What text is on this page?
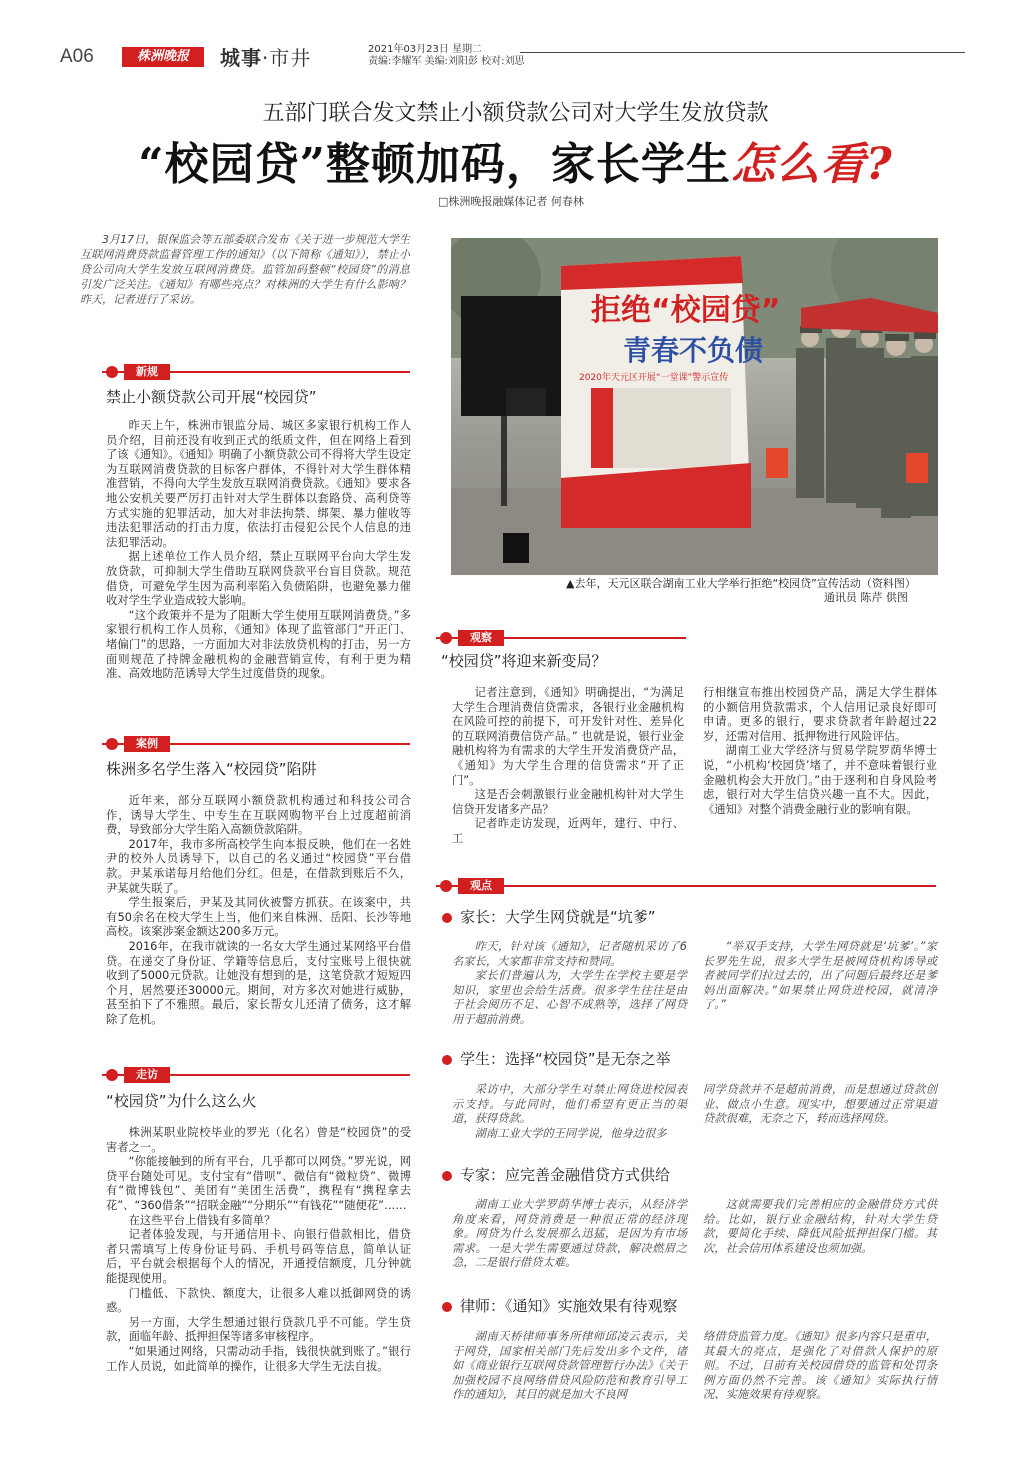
A06	株洲晚报	城事·市井	2021年03月23日 星期二
责编:李耀军 美编:刘阳彭 校对:刘思
五部门联合发文禁止小额贷款公司对大学生发放贷款
“校园贷”整顿加码，家长学生怎么看?
□株洲晚报融媒体记者 何春林

3月17日，银保监会等五部委联合发布《关于进一步规范大学生互联网消费贷款监督管理工作的通知》（以下简称《通知》），禁止小贷公司向大学生发放互联网消费贷。监管加码整顿“校园贷”的消息引发广泛关注。《通知》有哪些亮点？对株洲的大学生有什么影响？昨天，记者进行了采访。

新规
禁止小额贷款公司开展“校园贷”

昨天上午，株洲市银监分局、城区多家银行机构工作人员介绍，目前还没有收到正式的纸质文件，但在网络上看到了该《通知》。《通知》明确了小额贷款公司不得将大学生设定为互联网消费贷款的目标客户群体，不得针对大学生群体精准营销，不得向大学生发放互联网消费贷款。《通知》要求各地公安机关要严厉打击针对大学生群体以套路贷、高利贷等方式实施的犯罪活动，加大对非法拘禁、绑架、暴力催收等违法犯罪活动的打击力度，依法打击侵犯公民个人信息的违法犯罪活动。

据上述单位工作人员介绍，禁止互联网平台向大学生发放贷款，可抑制大学生借助互联网贷款平台盲目贷款。规范借贷，可避免学生因为高利率陷入负债陷阱，也避免暴力催收对学生学业造成较大影响。

“这个政策并不是为了阻断大学生使用互联网消费贷。”多家银行机构工作人员称，《通知》体现了监管部门“开正门、堵偏门”的思路，一方面加大对非法放贷机构的打击，另一方面则规范了持牌金融机构的金融营销宣传，有利于更为精准、高效地防范诱导大学生过度借贷的现象。

案例
株洲多名学生落入“校园贷”陷阱

近年来，部分互联网小额贷款机构通过和科技公司合作，诱导大学生、中专生在互联网购物平台上过度超前消费，导致部分大学生陷入高额贷款陷阱。

2017年，我市多所高校学生向本报反映，他们在一名姓尹的校外人员诱导下，以自己的名义通过“校园贷”平台借款。尹某承诺每月给他们分红。但是，在借款到账后不久，尹某就失联了。

学生报案后，尹某及其同伙被警方抓获。在该案中，共有50余名在校大学生上当，他们来自株洲、岳阳、长沙等地高校。该案涉案金额达200多万元。

2016年，在我市就读的一名女大学生通过某网络平台借贷。在递交了身份证、学籍等信息后，支付宝账号上很快就收到了5000元贷款。让她没有想到的是，这笔贷款才短短四个月，居然要还30000元。期间，对方多次对她进行威胁，甚至拍下了不雅照。最后，家长帮女儿还清了债务，这才解除了危机。

走访
“校园贷”为什么这么火

株洲某职业院校毕业的罗光（化名）曾是“校园贷”的受害者之一。

“你能接触到的所有平台，几乎都可以网贷。”罗光说，网贷平台随处可见。支付宝有“借呗”、微信有“微粒贷”、微博有“微博钱包”、美团有“美团生活费”，携程有“携程拿去花”、“360借条”“招联金融”“分期乐”“有钱花”“随便花”……

在这些平台上借钱有多简单？

记者体验发现，与开通信用卡、向银行借款相比，借贷者只需填写上传身份证号码、手机号码等信息，简单认证后，平台就会根据每个人的情况，开通授信额度，几分钟就能提现使用。

门槛低、下款快、额度大，让很多人难以抵御网贷的诱惑。

另一方面，大学生想通过银行贷款几乎不可能。学生贷款，面临年龄、抵押担保等诸多审核程序。

“如果通过网络，只需动动手指，钱很快就到账了。”银行工作人员说，如此简单的操作，让很多大学生无法自拔。

拒绝“校园贷”
青春不负债
2020年天元区开展“一堂课”警示宣传
▲去年，天元区联合湖南工业大学举行拒绝“校园贷”宣传活动（资料图）
通讯员 陈芹 供图
观察
“校园贷”将迎来新变局？

记者注意到，《通知》明确提出，“为满足大学生合理消费信贷需求，各银行业金融机构在风险可控的前提下，可开发针对性、差异化的互联网消费信贷产品。” 也就是说，银行业金融机构将为有需求的大学生开发消费贷产品，《通知》为大学生合理的信贷需求“开了正门”。

这是否会刺激银行业金融机构针对大学生信贷开发诸多产品？

记者昨走访发现，近两年，建行、中行、工

行相继宣布推出校园贷产品，满足大学生群体的小额信用贷款需求，个人信用记录良好即可申请。更多的银行，要求贷款者年龄超过22岁，还需对信用、抵押物进行风险评估。

湖南工业大学经济与贸易学院罗荫华博士说，“小机构‘校园贷’堵了，并不意味着银行业金融机构会大开放门。”由于逐利和自身风险考虑，银行对大学生信贷兴趣一直不大。因此，《通知》对整个消费金融行业的影响有限。

观点
家长：大学生网贷就是“坑爹”

昨天，针对该《通知》，记者随机采访了6名家长，大家都非常支持和赞同。

家长们普遍认为，大学生在学校主要是学知识，家里也会给生活费。很多学生往往是由于社会阅历不足、心智不成熟等，选择了网贷用于超前消费。

“举双手支持，大学生网贷就是‘坑爹’。”家长罗先生说，很多大学生是被网贷机构诱导或者被同学们拉过去的，出了问题后最终还是爹妈出面解决。”如果禁止网贷进校园，就清净了。”

学生：选择“校园贷”是无奈之举

采访中，大部分学生对禁止网贷进校园表示支持。与此同时，他们希望有更正当的渠道，获得贷款。

湖南工业大学的王同学说，他身边很多

同学贷款并不是超前消费，而是想通过贷款创业、做点小生意。现实中，想要通过正常渠道贷款很难，无奈之下，转而选择网贷。

专家：应完善金融借贷方式供给

湖南工业大学罗荫华博士表示，从经济学角度来看，网贷消费是一种很正常的经济现象。网贷为什么发展那么迅猛，是因为有市场需求。一是大学生需要通过贷款，解决燃眉之急，二是银行借贷太难。

这就需要我们完善相应的金融借贷方式供给。比如，银行业金融结构，针对大学生贷款，要简化手续、降低风险抵押担保门槛。其次，社会信用体系建设也须加强。

律师：《通知》实施效果有待观察

湖南天桥律师事务所律师邱凌云表示，关于网贷，国家相关部门先后发出多个文件，诸如《商业银行互联网贷款管理暂行办法》《关于加强校园不良网络借贷风险防范和教育引导工作的通知》，其目的就是加大不良网

络借贷监管力度。《通知》很多内容只是重申，其最大的亮点，是强化了对借款人保护的原则。不过，目前有关校园借贷的监管和处罚条例方面仍然不完善。该《通知》实际执行情况、实施效果有待观察。
